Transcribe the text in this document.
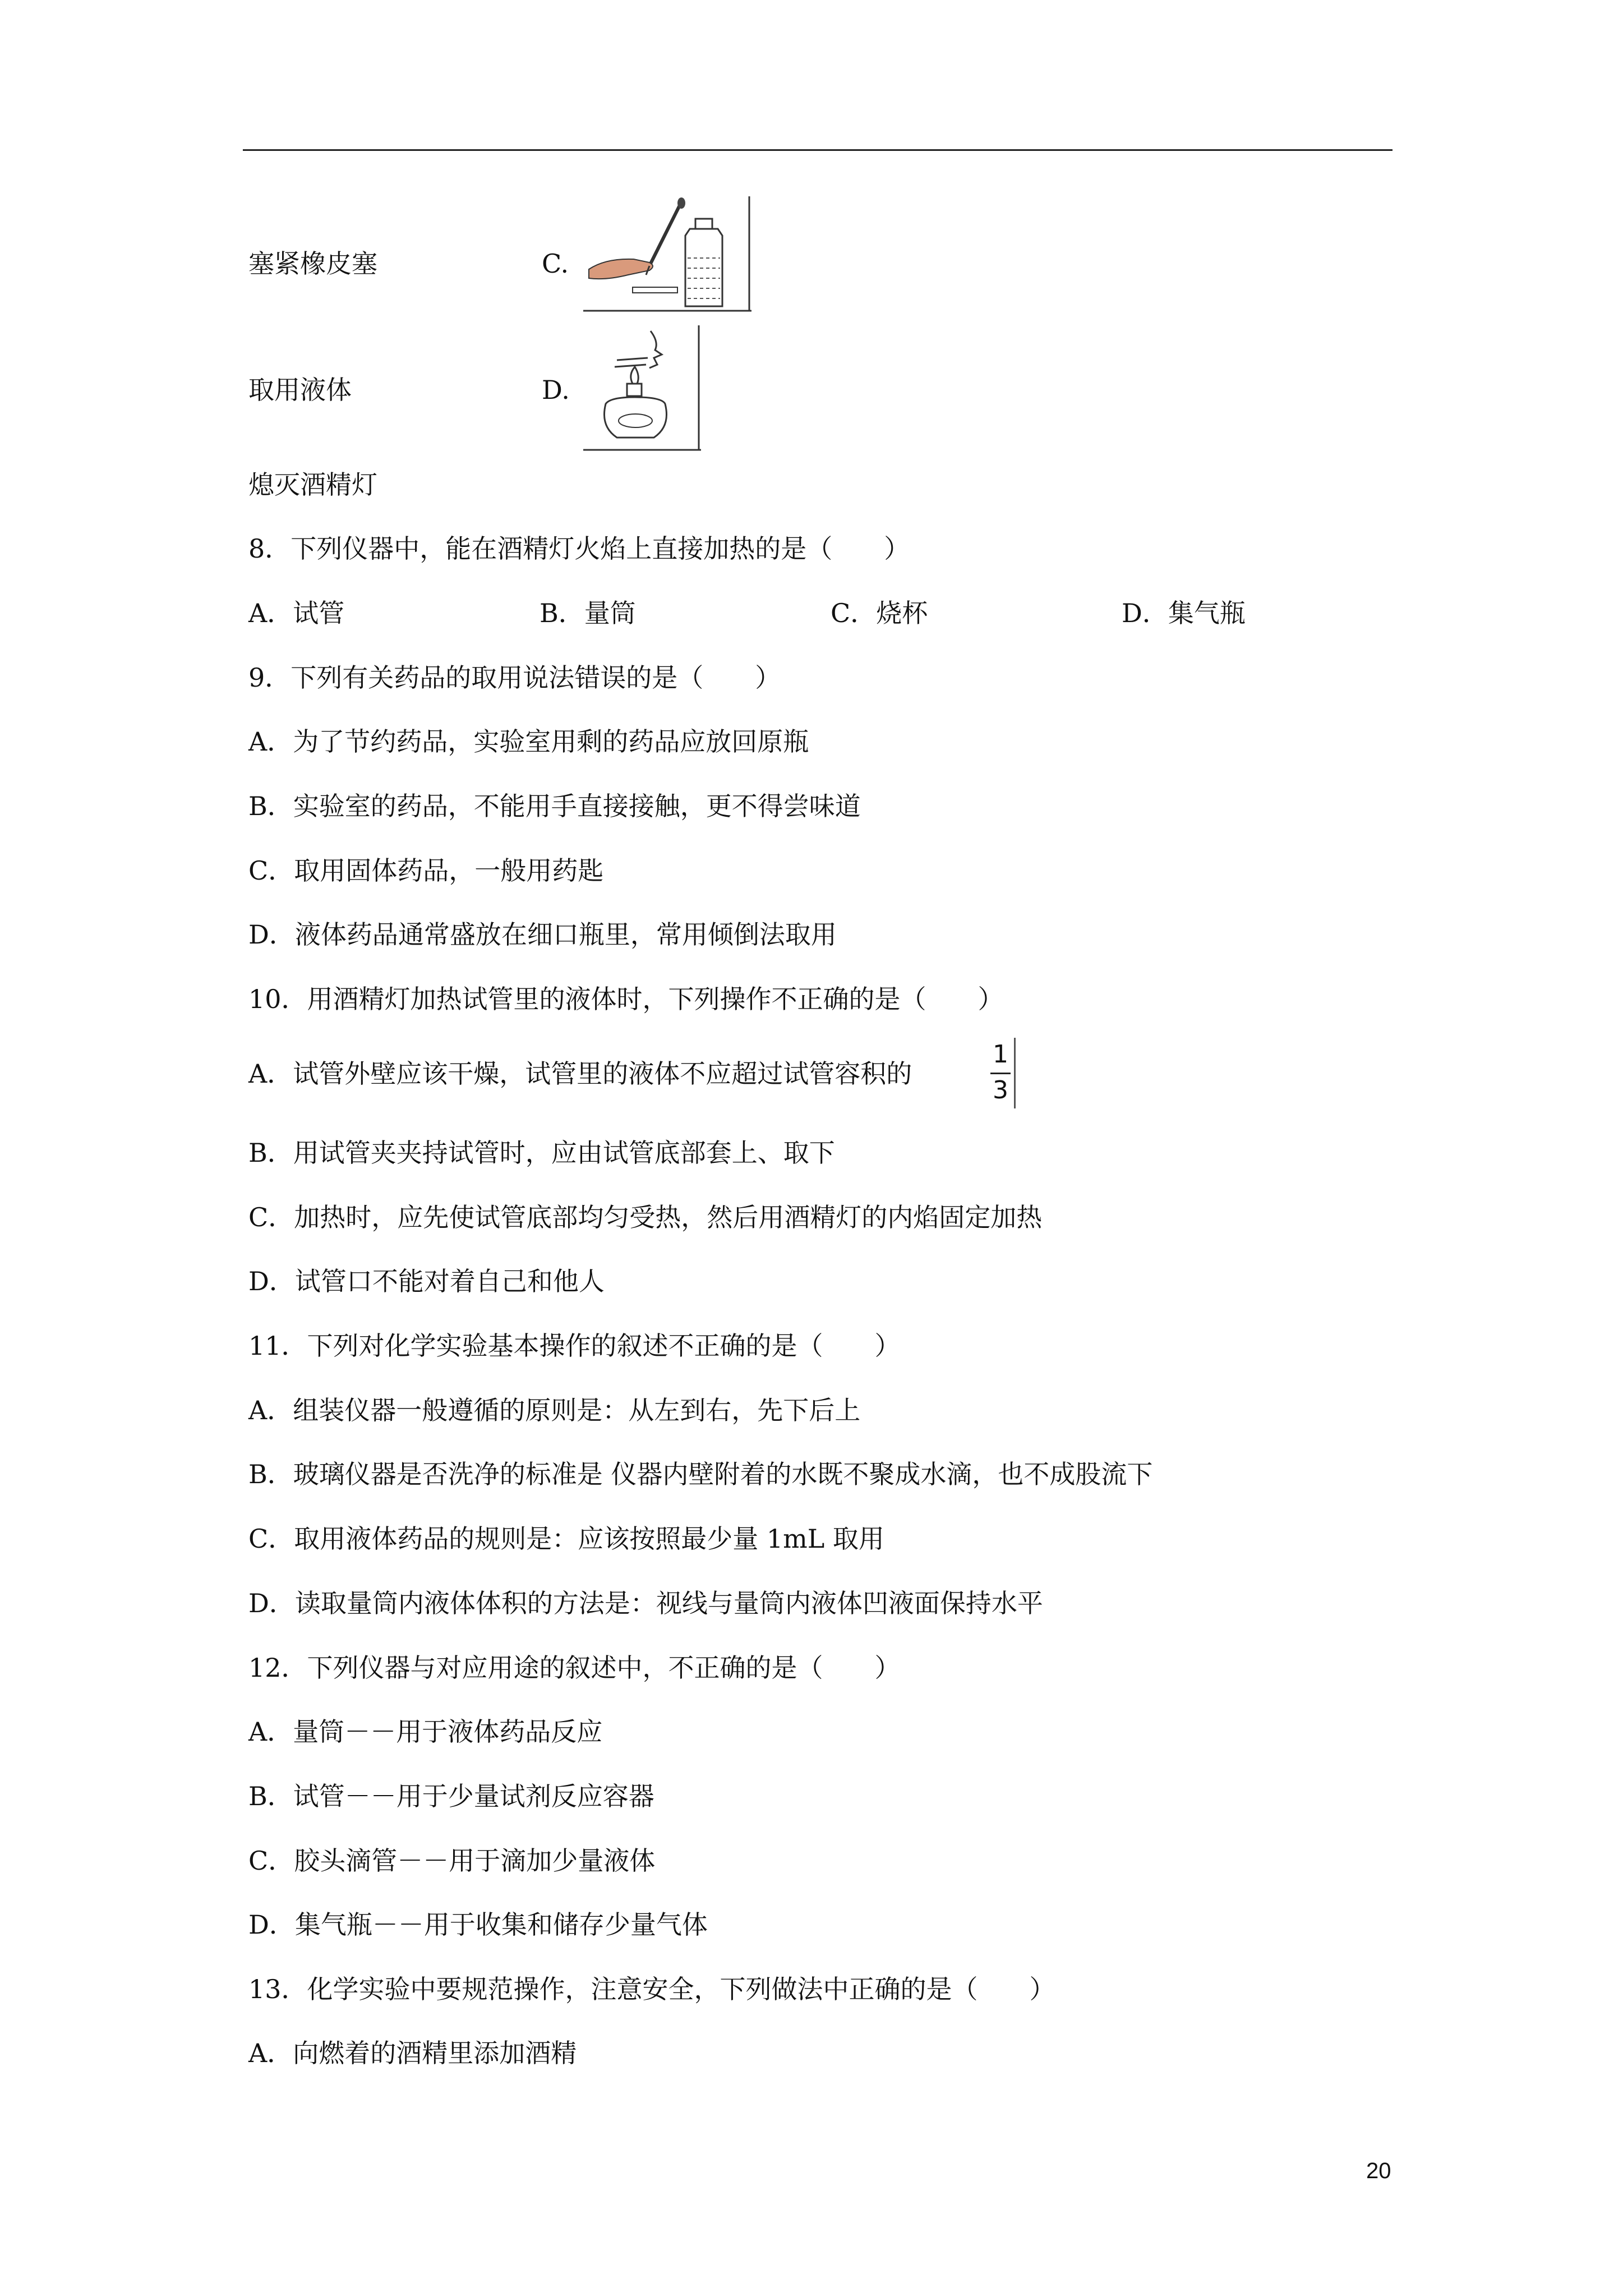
塞紧橡皮塞	C.
取用液体	D.
熄灭酒精灯
8．下列仪器中，能在酒精灯火焰上直接加热的是（　　）
A．试管	B．量筒	C．烧杯	D．集气瓶
9．下列有关药品的取用说法错误的是（　　）
A．为了节约药品，实验室用剩的药品应放回原瓶
B．实验室的药品，不能用手直接接触，更不得尝味道
C．取用固体药品，一般用药匙
D．液体药品通常盛放在细口瓶里，常用倾倒法取用
10．用酒精灯加热试管里的液体时，下列操作不正确的是（　　）
A．试管外壁应该干燥，试管里的液体不应超过试管容积的
1
3
B．用试管夹夹持试管时，应由试管底部套上、取下
C．加热时，应先使试管底部均匀受热，然后用酒精灯的内焰固定加热
D．试管口不能对着自己和他人
11．下列对化学实验基本操作的叙述不正确的是（　　）
A．组装仪器一般遵循的原则是：从左到右，先下后上
B．玻璃仪器是否洗净的标准是 仪器内壁附着的水既不聚成水滴，也不成股流下
C．取用液体药品的规则是：应该按照最少量 1mL 取用
D．读取量筒内液体体积的方法是：视线与量筒内液体凹液面保持水平
12．下列仪器与对应用途的叙述中，不正确的是（　　）
A．量筒－－用于液体药品反应
B．试管－－用于少量试剂反应容器
C．胶头滴管－－用于滴加少量液体
D．集气瓶－－用于收集和储存少量气体
13．化学实验中要规范操作，注意安全，下列做法中正确的是（　　）
A．向燃着的酒精里添加酒精
20
